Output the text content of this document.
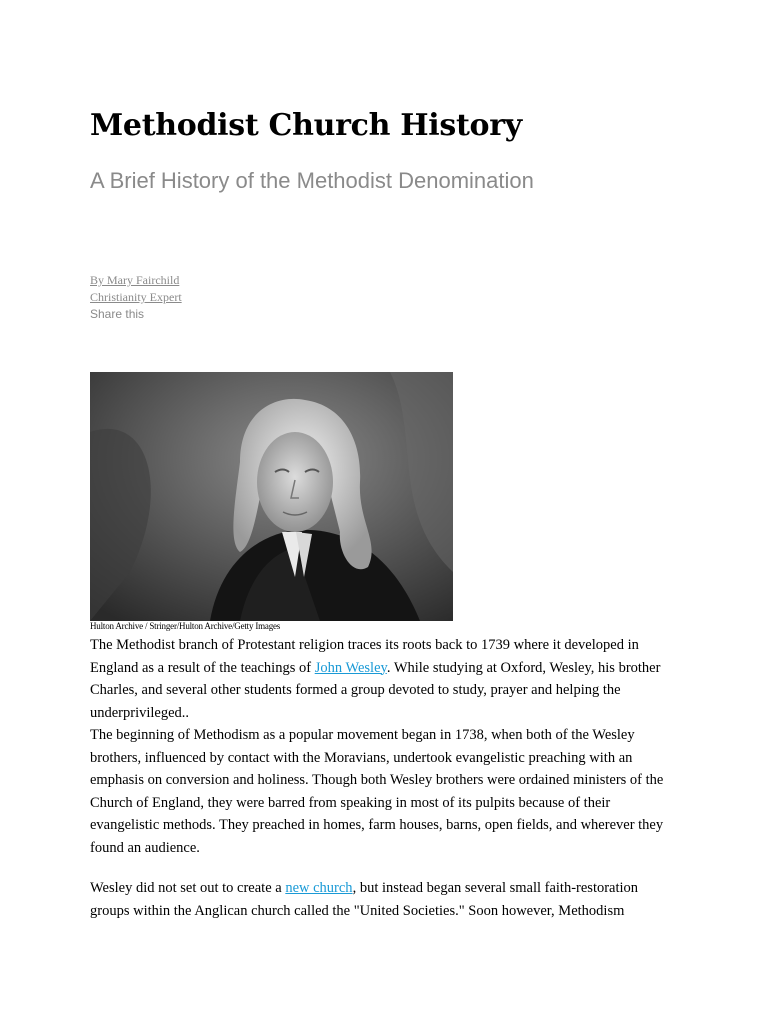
Methodist Church History
A Brief History of the Methodist Denomination
By Mary Fairchild
Christianity Expert
Share this
Hulton Archive / Stringer/Hulton Archive/Getty Images

The Methodist branch of Protestant religion traces its roots back to 1739 where it developed in England as a result of the teachings of John Wesley. While studying at Oxford, Wesley, his brother Charles, and several other students formed a group devoted to study, prayer and helping the underprivileged..

The beginning of Methodism as a popular movement began in 1738, when both of the Wesley brothers, influenced by contact with the Moravians, undertook evangelistic preaching with an emphasis on conversion and holiness. Though both Wesley brothers were ordained ministers of the Church of England, they were barred from speaking in most of its pulpits because of their evangelistic methods. They preached in homes, farm houses, barns, open fields, and wherever they found an audience.

Wesley did not set out to create a new church, but instead began several small faith-restoration groups within the Anglican church called the "United Societies." Soon however, Methodism
